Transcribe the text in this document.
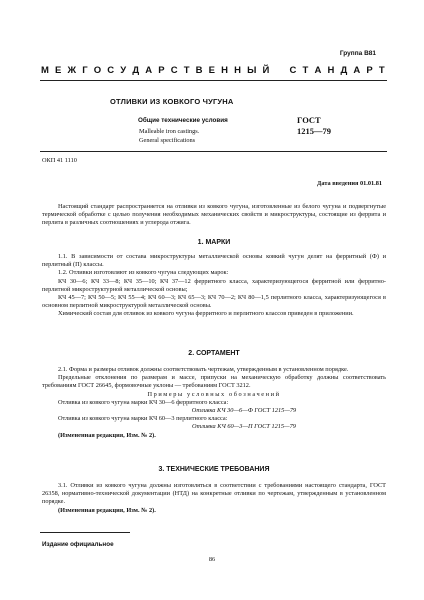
Группа В81
М Е Ж Г О С У Д А Р С Т В Е Н Н Ы Й
С Т А Н Д А Р Т
ОТЛИВКИ ИЗ КОВКОГО ЧУГУНА
Общие технические условия
Malleable iron castings.
General specifications
ГОСТ
1215—79
ОКП 41 1110
Дата введения 01.01.81

Настоящий стандарт распространяется на отливки из ковкого чугуна, изготовленные из белого чугуна и подвергнутые термической обработке с целью получения необходимых механических свойств и микроструктуры, состоящие из феррита и перлита в различных соотношениях и углерода отжига.

1. МАРКИ

1.1. В зависимости от состава микроструктуры металлической основы ковкий чугун делят на ферритный (Ф) и перлитный (П) классы.

1.2. Отливки изготовляют из ковкого чугуна следующих марок:

КЧ 30—6; КЧ 33—8; КЧ 35—10; КЧ 37—12 ферритного класса, характеризующегося ферритной или ферритно-перлитной микроструктурной металлической основы;

КЧ 45—7; КЧ 50—5; КЧ 55—4; КЧ 60—3; КЧ 65—3; КЧ 70—2; КЧ 80—1,5 перлитного класса, характеризующегося в основном перлитной микроструктурой металлической основы.

Химический состав для отливок из ковкого чугуна ферритного и перлитного классов приведен в приложении.

2. СОРТАМЕНТ

2.1. Форма и размеры отливок должны соответствовать чертежам, утвержденным в установленном порядке.

Предельные отклонения по размерам и массе, припуски на механическую обработку должны соответствовать требованиям ГОСТ 26645, формовочные уклоны — требованиям ГОСТ 3212.

Примеры условных обозначений

Отливка из ковкого чугуна марки КЧ 30—6 ферритного класса:

Отливка КЧ 30—6—Ф ГОСТ 1215—79

Отливка из ковкого чугуна марки КЧ 60—3 перлитного класса:

Отливка КЧ 60—3—П ГОСТ 1215—79

(Измененная редакция, Изм. № 2).

3. ТЕХНИЧЕСКИЕ ТРЕБОВАНИЯ

3.1. Отливки из ковкого чугуна должны изготовляться в соответствии с требованиями настоящего стандарта, ГОСТ 26358, нормативно-технической документации (НТД) на конкретные отливки по чертежам, утвержденным в установленном порядке.

(Измененная редакция, Изм. № 2).

Издание официальное
86
